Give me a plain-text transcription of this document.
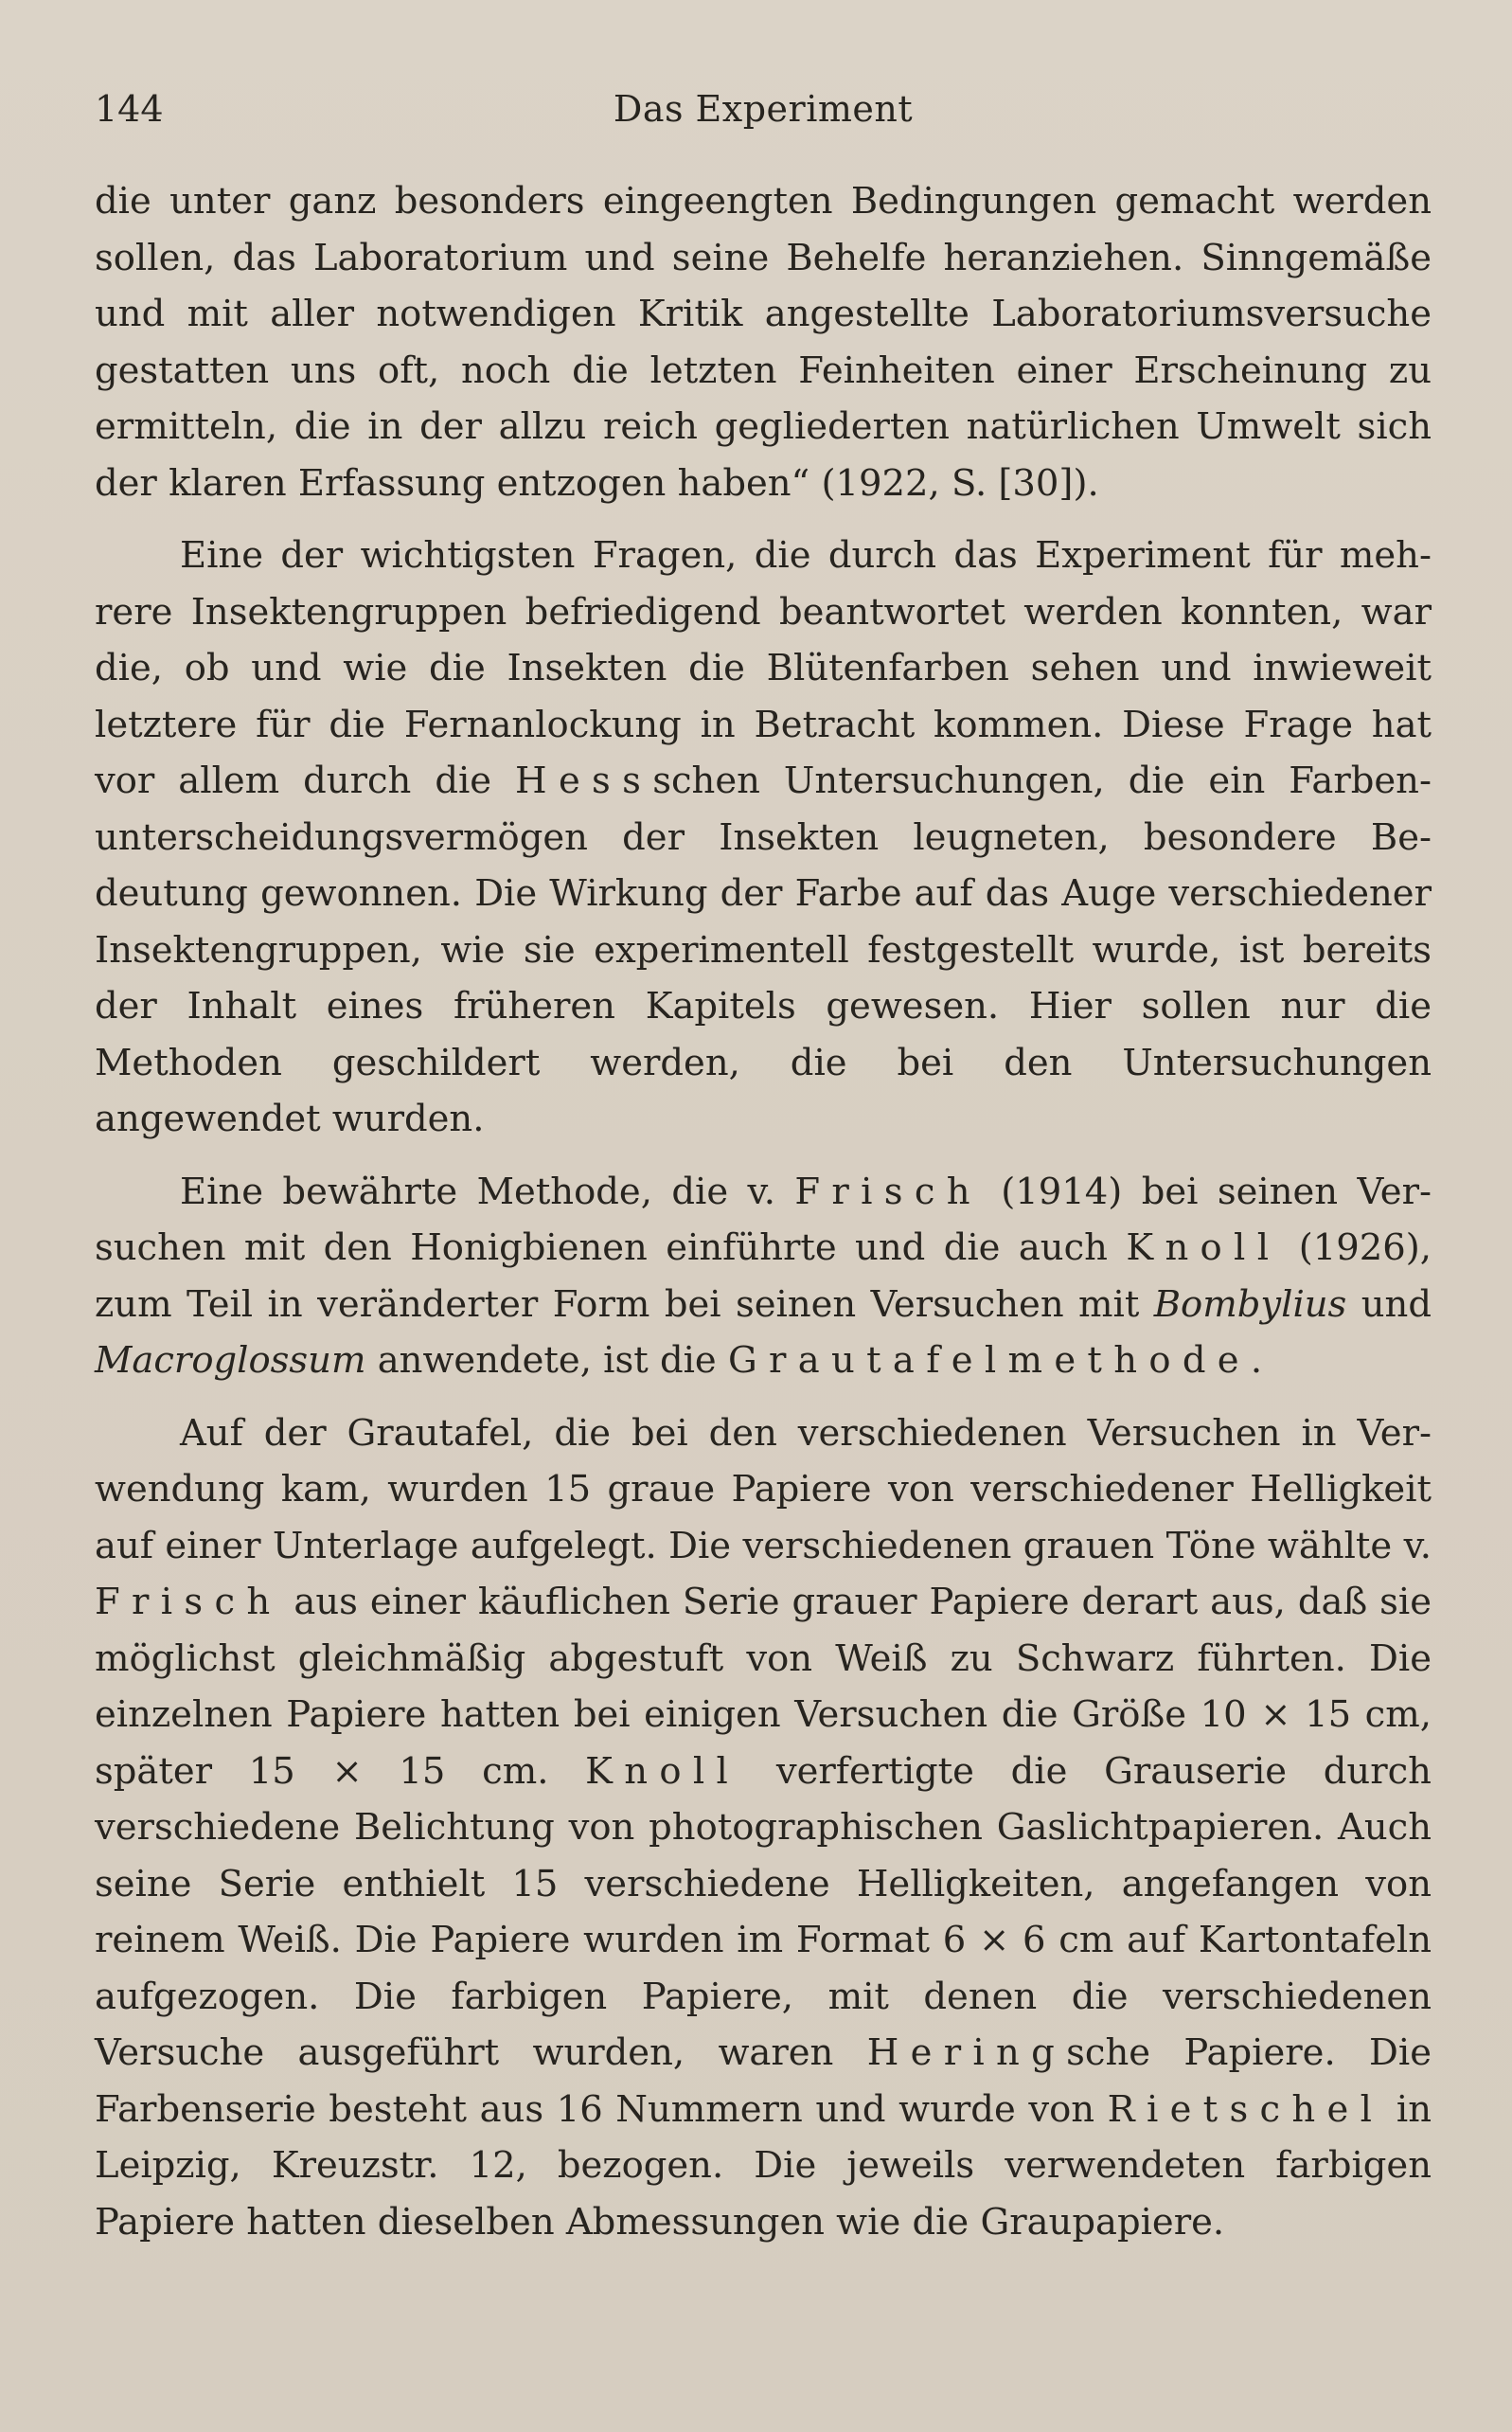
144	Das Experiment

die unter ganz besonders eingeengten Bedingungen gemacht werden sollen, das Laboratorium und seine Behelfe heranziehen. Sinngemäße und mit aller notwendigen Kritik angestellte Laboratoriumsversuche gestatten uns oft, noch die letzten Feinheiten einer Erscheinung zu ermitteln, die in der allzu reich gegliederten natürlichen Umwelt sich der klaren Erfassung entzogen haben“ (1922, S. [30]).

Eine der wichtigsten Fragen, die durch das Experiment für mehrere Insektengruppen befriedigend beantwortet werden konnten, war die, ob und wie die Insekten die Blütenfarben sehen und inwieweit letztere für die Fernanlockung in Betracht kommen. Diese Frage hat vor allem durch die Hessschen Untersuchungen, die ein Farbenunterscheidungsvermögen der Insekten leugneten, besondere Bedeutung gewonnen. Die Wirkung der Farbe auf das Auge verschiedener Insektengruppen, wie sie experimentell festgestellt wurde, ist bereits der Inhalt eines früheren Kapitels gewesen. Hier sollen nur die Methoden geschildert werden, die bei den Untersuchungen angewendet wurden.

Eine bewährte Methode, die v. Frisch (1914) bei seinen Versuchen mit den Honigbienen einführte und die auch Knoll (1926), zum Teil in veränderter Form bei seinen Versuchen mit Bombylius und Macroglossum anwendete, ist die Grautafelmethode.

Auf der Grautafel, die bei den verschiedenen Versuchen in Verwendung kam, wurden 15 graue Papiere von verschiedener Helligkeit auf einer Unterlage aufgelegt. Die verschiedenen grauen Töne wählte v. Frisch aus einer käuflichen Serie grauer Papiere derart aus, daß sie möglichst gleichmäßig abgestuft von Weiß zu Schwarz führten. Die einzelnen Papiere hatten bei einigen Versuchen die Größe 10 × 15 cm, später 15 × 15 cm. Knoll verfertigte die Grauserie durch verschiedene Belichtung von photographischen Gaslichtpapieren. Auch seine Serie enthielt 15 verschiedene Helligkeiten, angefangen von reinem Weiß. Die Papiere wurden im Format 6 × 6 cm auf Kartontafeln aufgezogen. Die farbigen Papiere, mit denen die verschiedenen Versuche ausgeführt wurden, waren Heringsche Papiere. Die Farbenserie besteht aus 16 Nummern und wurde von Rietschel in Leipzig, Kreuzstr. 12, bezogen. Die jeweils verwendeten farbigen Papiere hatten dieselben Abmessungen wie die Graupapiere.
